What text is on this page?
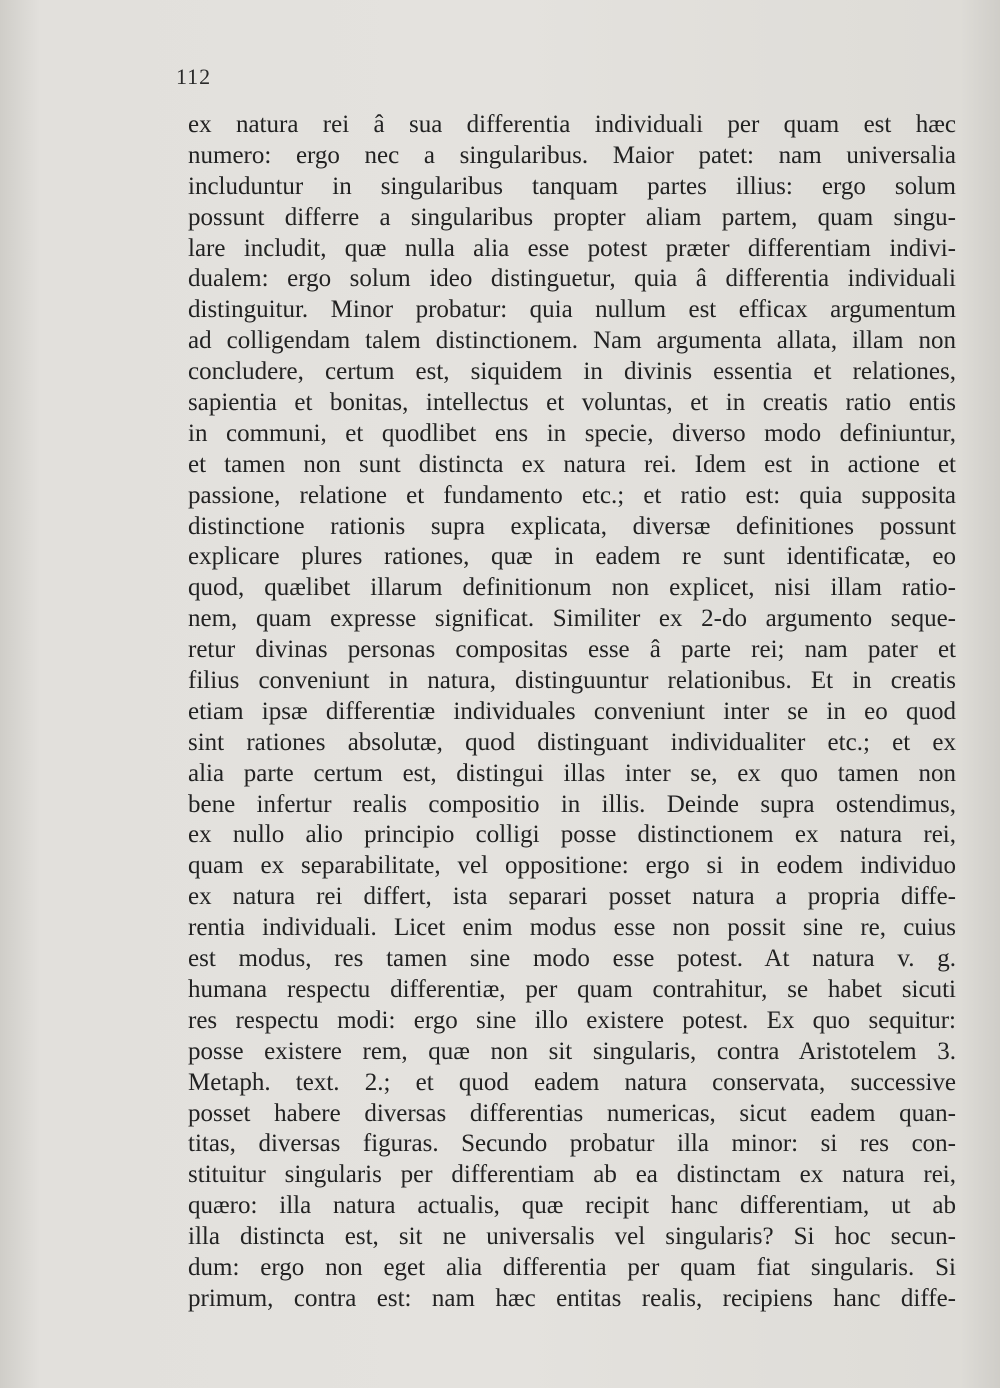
112
ex natura rei â sua differentia individuali per quam est hæc
numero: ergo nec a singularibus. Maior patet: nam universalia
includuntur in singularibus tanquam partes illius: ergo solum
possunt differre a singularibus propter aliam partem, quam singu-
lare includit, quæ nulla alia esse potest præter differentiam indivi-
dualem: ergo solum ideo distinguetur, quia â differentia individuali
distinguitur. Minor probatur: quia nullum est efficax argumentum
ad colligendam talem distinctionem. Nam argumenta allata, illam non
concludere, certum est, siquidem in divinis essentia et relationes,
sapientia et bonitas, intellectus et voluntas, et in creatis ratio entis
in communi, et quodlibet ens in specie, diverso modo definiuntur,
et tamen non sunt distincta ex natura rei. Idem est in actione et
passione, relatione et fundamento etc.; et ratio est: quia supposita
distinctione rationis supra explicata, diversæ definitiones possunt
explicare plures rationes, quæ in eadem re sunt identificatæ, eo
quod, quælibet illarum definitionum non explicet, nisi illam ratio-
nem, quam expresse significat. Similiter ex 2-do argumento seque-
retur divinas personas compositas esse â parte rei; nam pater et
filius conveniunt in natura, distinguuntur relationibus. Et in creatis
etiam ipsæ differentiæ individuales conveniunt inter se in eo quod
sint rationes absolutæ, quod distinguant individualiter etc.; et ex
alia parte certum est, distingui illas inter se, ex quo tamen non
bene infertur realis compositio in illis. Deinde supra ostendimus,
ex nullo alio principio colligi posse distinctionem ex natura rei,
quam ex separabilitate, vel oppositione: ergo si in eodem individuo
ex natura rei differt, ista separari posset natura a propria diffe-
rentia individuali. Licet enim modus esse non possit sine re, cuius
est modus, res tamen sine modo esse potest. At natura v. g.
humana respectu differentiæ, per quam contrahitur, se habet sicuti
res respectu modi: ergo sine illo existere potest. Ex quo sequitur:
posse existere rem, quæ non sit singularis, contra Aristotelem 3.
Metaph. text. 2.; et quod eadem natura conservata, successive
posset habere diversas differentias numericas, sicut eadem quan-
titas, diversas figuras. Secundo probatur illa minor: si res con-
stituitur singularis per differentiam ab ea distinctam ex natura rei,
quæro: illa natura actualis, quæ recipit hanc differentiam, ut ab
illa distincta est, sit ne universalis vel singularis? Si hoc secun-
dum: ergo non eget alia differentia per quam fiat singularis. Si
primum, contra est: nam hæc entitas realis, recipiens hanc diffe-
